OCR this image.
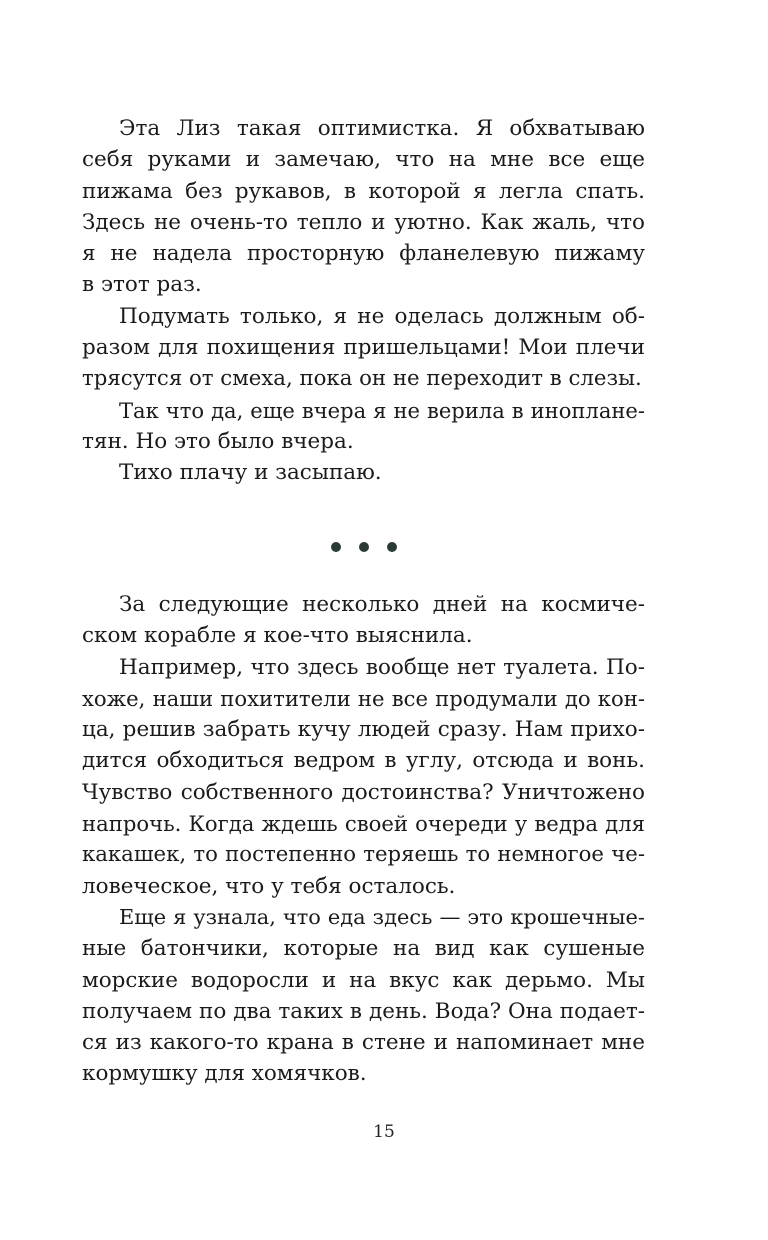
Эта Лиз такая оптимистка. Я обхватываю
себя руками и замечаю, что на мне все еще
пижама без рукавов, в которой я легла спать.
Здесь не очень-то тепло и уютно. Как жаль, что
я не надела просторную фланелевую пижаму
в этот раз.

Подумать только, я не оделась должным об-
разом для похищения пришельцами! Мои плечи
трясутся от смеха, пока он не переходит в слезы.

Так что да, еще вчера я не верила в инопланe-
тян. Но это было вчера.

Тихо плачу и засыпаю.

За следующие несколько дней на космиче-
ском корабле я кое-что выяснила.

Например, что здесь вообще нет туалета. По-
хоже, наши похитители не все продумали до кон-
ца, решив забрать кучу людей сразу. Нам прихо-
дится обходиться ведром в углу, отсюда и вонь.
Чувство собственного достоинства? Уничтожено
напрочь. Когда ждешь своей очереди у ведра для
какашек, то постепенно теряешь то немногое че-
ловеческое, что у тебя осталось.

Еще я узнала, что еда здесь — это крошечные-
ные батончики, которые на вид как сушеные
морские водоросли и на вкус как дерьмо. Мы
получаем по два таких в день. Вода? Она подает-
ся из какого-то крана в стене и напоминает мне
кормушку для хомячков.

15
